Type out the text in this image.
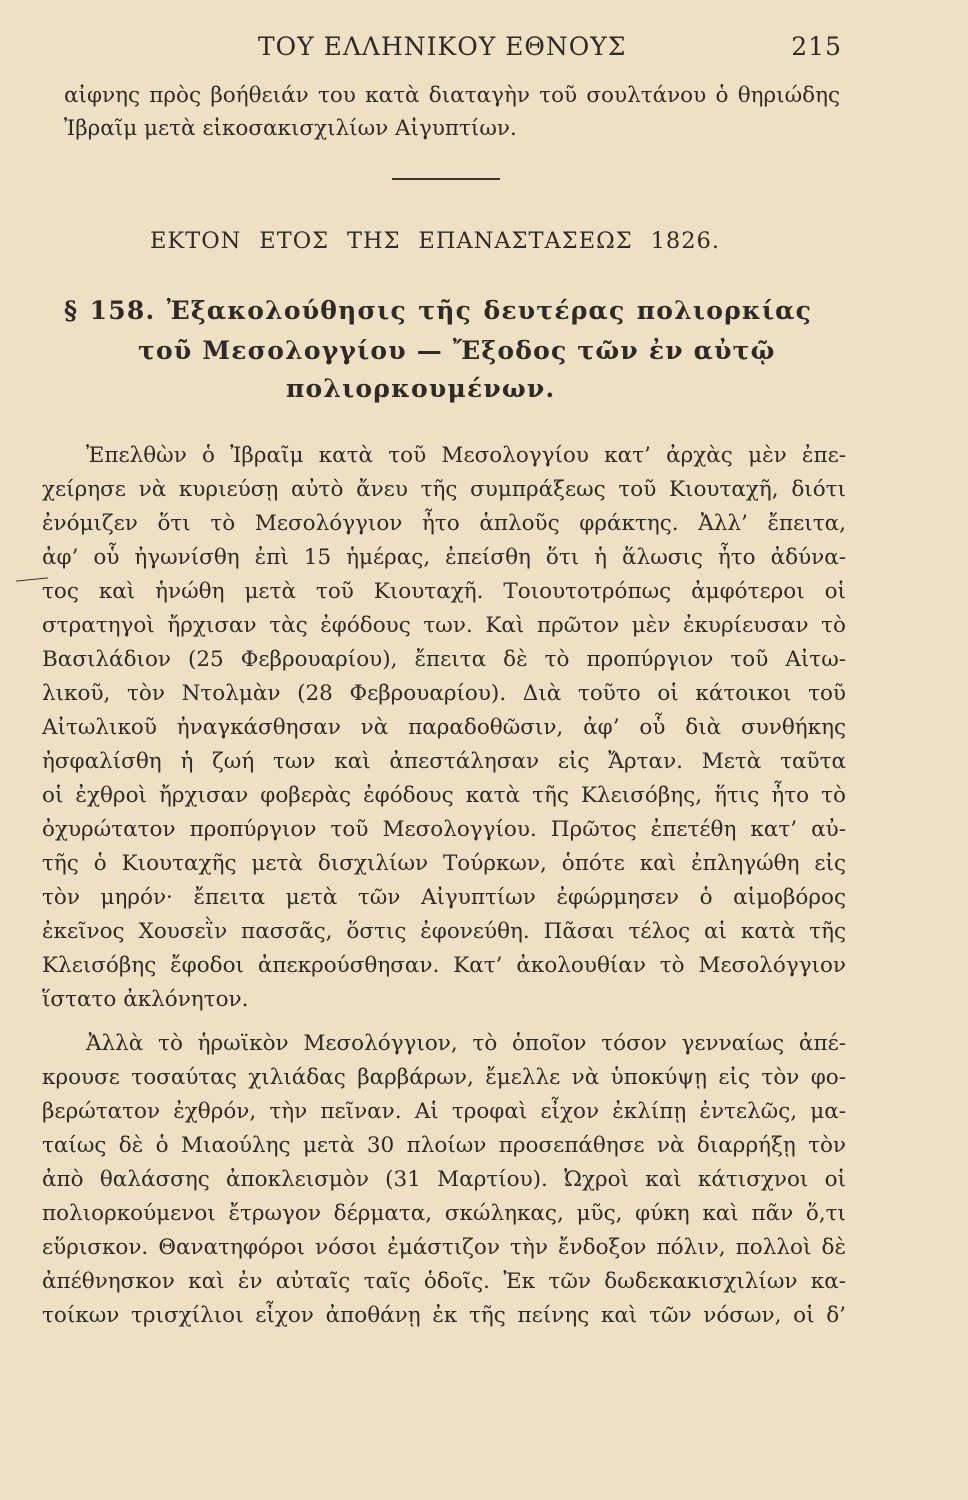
ΤΟΥ ΕΛΛΗΝΙΚΟΥ ΕΘΝΟΥΣ	215
αἰφνης πρὸς βοήθειάν του κατὰ διαταγὴν τοῦ σουλτάνου ὁ θηριώδης
Ἰβραῖμ μετὰ εἰκοσακισχιλίων Αἰγυπτίων.
ΕΚΤΟΝ ΕΤΟΣ ΤΗΣ ΕΠΑΝΑΣΤΑΣΕΩΣ 1826.
§ 158. Ἐξακολούθησις τῆς δευτέρας πολιορκίας
τοῦ Μεσολογγίου — Ἔξοδος τῶν ἐν αὐτῷ
πολιορκουμένων.
Ἐπελθὼν ὁ Ἰβραῖμ κατὰ τοῦ Μεσολογγίου κατ’ ἀρχὰς μὲν ἐπε-
χείρησε νὰ κυριεύσῃ αὐτὸ ἄνευ τῆς συμπράξεως τοῦ Κιουταχῆ, διότι
ἐνόμιζεν ὅτι τὸ Μεσολόγγιον ἦτο ἁπλοῦς φράκτης. Ἀλλ’ ἔπειτα,
ἀφ’ οὗ ἠγωνίσθη ἐπὶ 15 ἡμέρας, ἐπείσθη ὅτι ἡ ἅλωσις ἦτο ἀδύνα-
τος καὶ ἡνώθη μετὰ τοῦ Κιουταχῆ. Τοιουτοτρόπως ἀμφότεροι οἱ
στρατηγοὶ ἤρχισαν τὰς ἐφόδους των. Καὶ πρῶτον μὲν ἐκυρίευσαν τὸ
Βασιλάδιον (25 Φεβρουαρίου), ἔπειτα δὲ τὸ προπύργιον τοῦ Αἰτω-
λικοῦ, τὸν Ντολμὰν (28 Φεβρουαρίου). Διὰ τοῦτο οἱ κάτοικοι τοῦ
Αἰτωλικοῦ ἠναγκάσθησαν νὰ παραδοθῶσιν, ἀφ’ οὗ διὰ συνθήκης
ἠσφαλίσθη ἡ ζωή των καὶ ἀπεστάλησαν εἰς Ἄρταν. Μετὰ ταῦτα
οἱ ἐχθροὶ ἤρχισαν φοβερὰς ἐφόδους κατὰ τῆς Κλεισόβης, ἥτις ἦτο τὸ
ὀχυρώτατον προπύργιον τοῦ Μεσολογγίου. Πρῶτος ἐπετέθη κατ’ αὐ-
τῆς ὁ Κιουταχῆς μετὰ δισχιλίων Τούρκων, ὁπότε καὶ ἐπληγώθη εἰς
τὸν μηρόν· ἔπειτα μετὰ τῶν Αἰγυπτίων ἐφώρμησεν ὁ αἱμοβόρος
ἐκεῖνος Χουσεῒν πασσᾶς, ὅστις ἐφονεύθη. Πᾶσαι τέλος αἱ κατὰ τῆς
Κλεισόβης ἔφοδοι ἀπεκρούσθησαν. Κατ’ ἀκολουθίαν τὸ Μεσολόγγιον
ἵστατο ἀκλόνητον.
Ἀλλὰ τὸ ἡρωϊκὸν Μεσολόγγιον, τὸ ὁποῖον τόσον γενναίως ἀπέ-
κρουσε τοσαύτας χιλιάδας βαρβάρων, ἔμελλε νὰ ὑποκύψῃ εἰς τὸν φο-
βερώτατον ἐχθρόν, τὴν πεῖναν. Αἱ τροφαὶ εἶχον ἐκλίπῃ ἐντελῶς, μα-
ταίως δὲ ὁ Μιαούλης μετὰ 30 πλοίων προσεπάθησε νὰ διαρρήξῃ τὸν
ἀπὸ θαλάσσης ἀποκλεισμὸν (31 Μαρτίου). Ὠχροὶ καὶ κάτισχνοι οἱ
πολιορκούμενοι ἔτρωγον δέρματα, σκώληκας, μῦς, φύκη καὶ πᾶν ὅ,τι
εὕρισκον. Θανατηφόροι νόσοι ἐμάστιζον τὴν ἔνδοξον πόλιν, πολλοὶ δὲ
ἀπέθνησκον καὶ ἐν αὐταῖς ταῖς ὁδοῖς. Ἐκ τῶν δωδεκακισχιλίων κα-
τοίκων τρισχίλιοι εἶχον ἀποθάνῃ ἐκ τῆς πείνης καὶ τῶν νόσων, οἱ δ’
